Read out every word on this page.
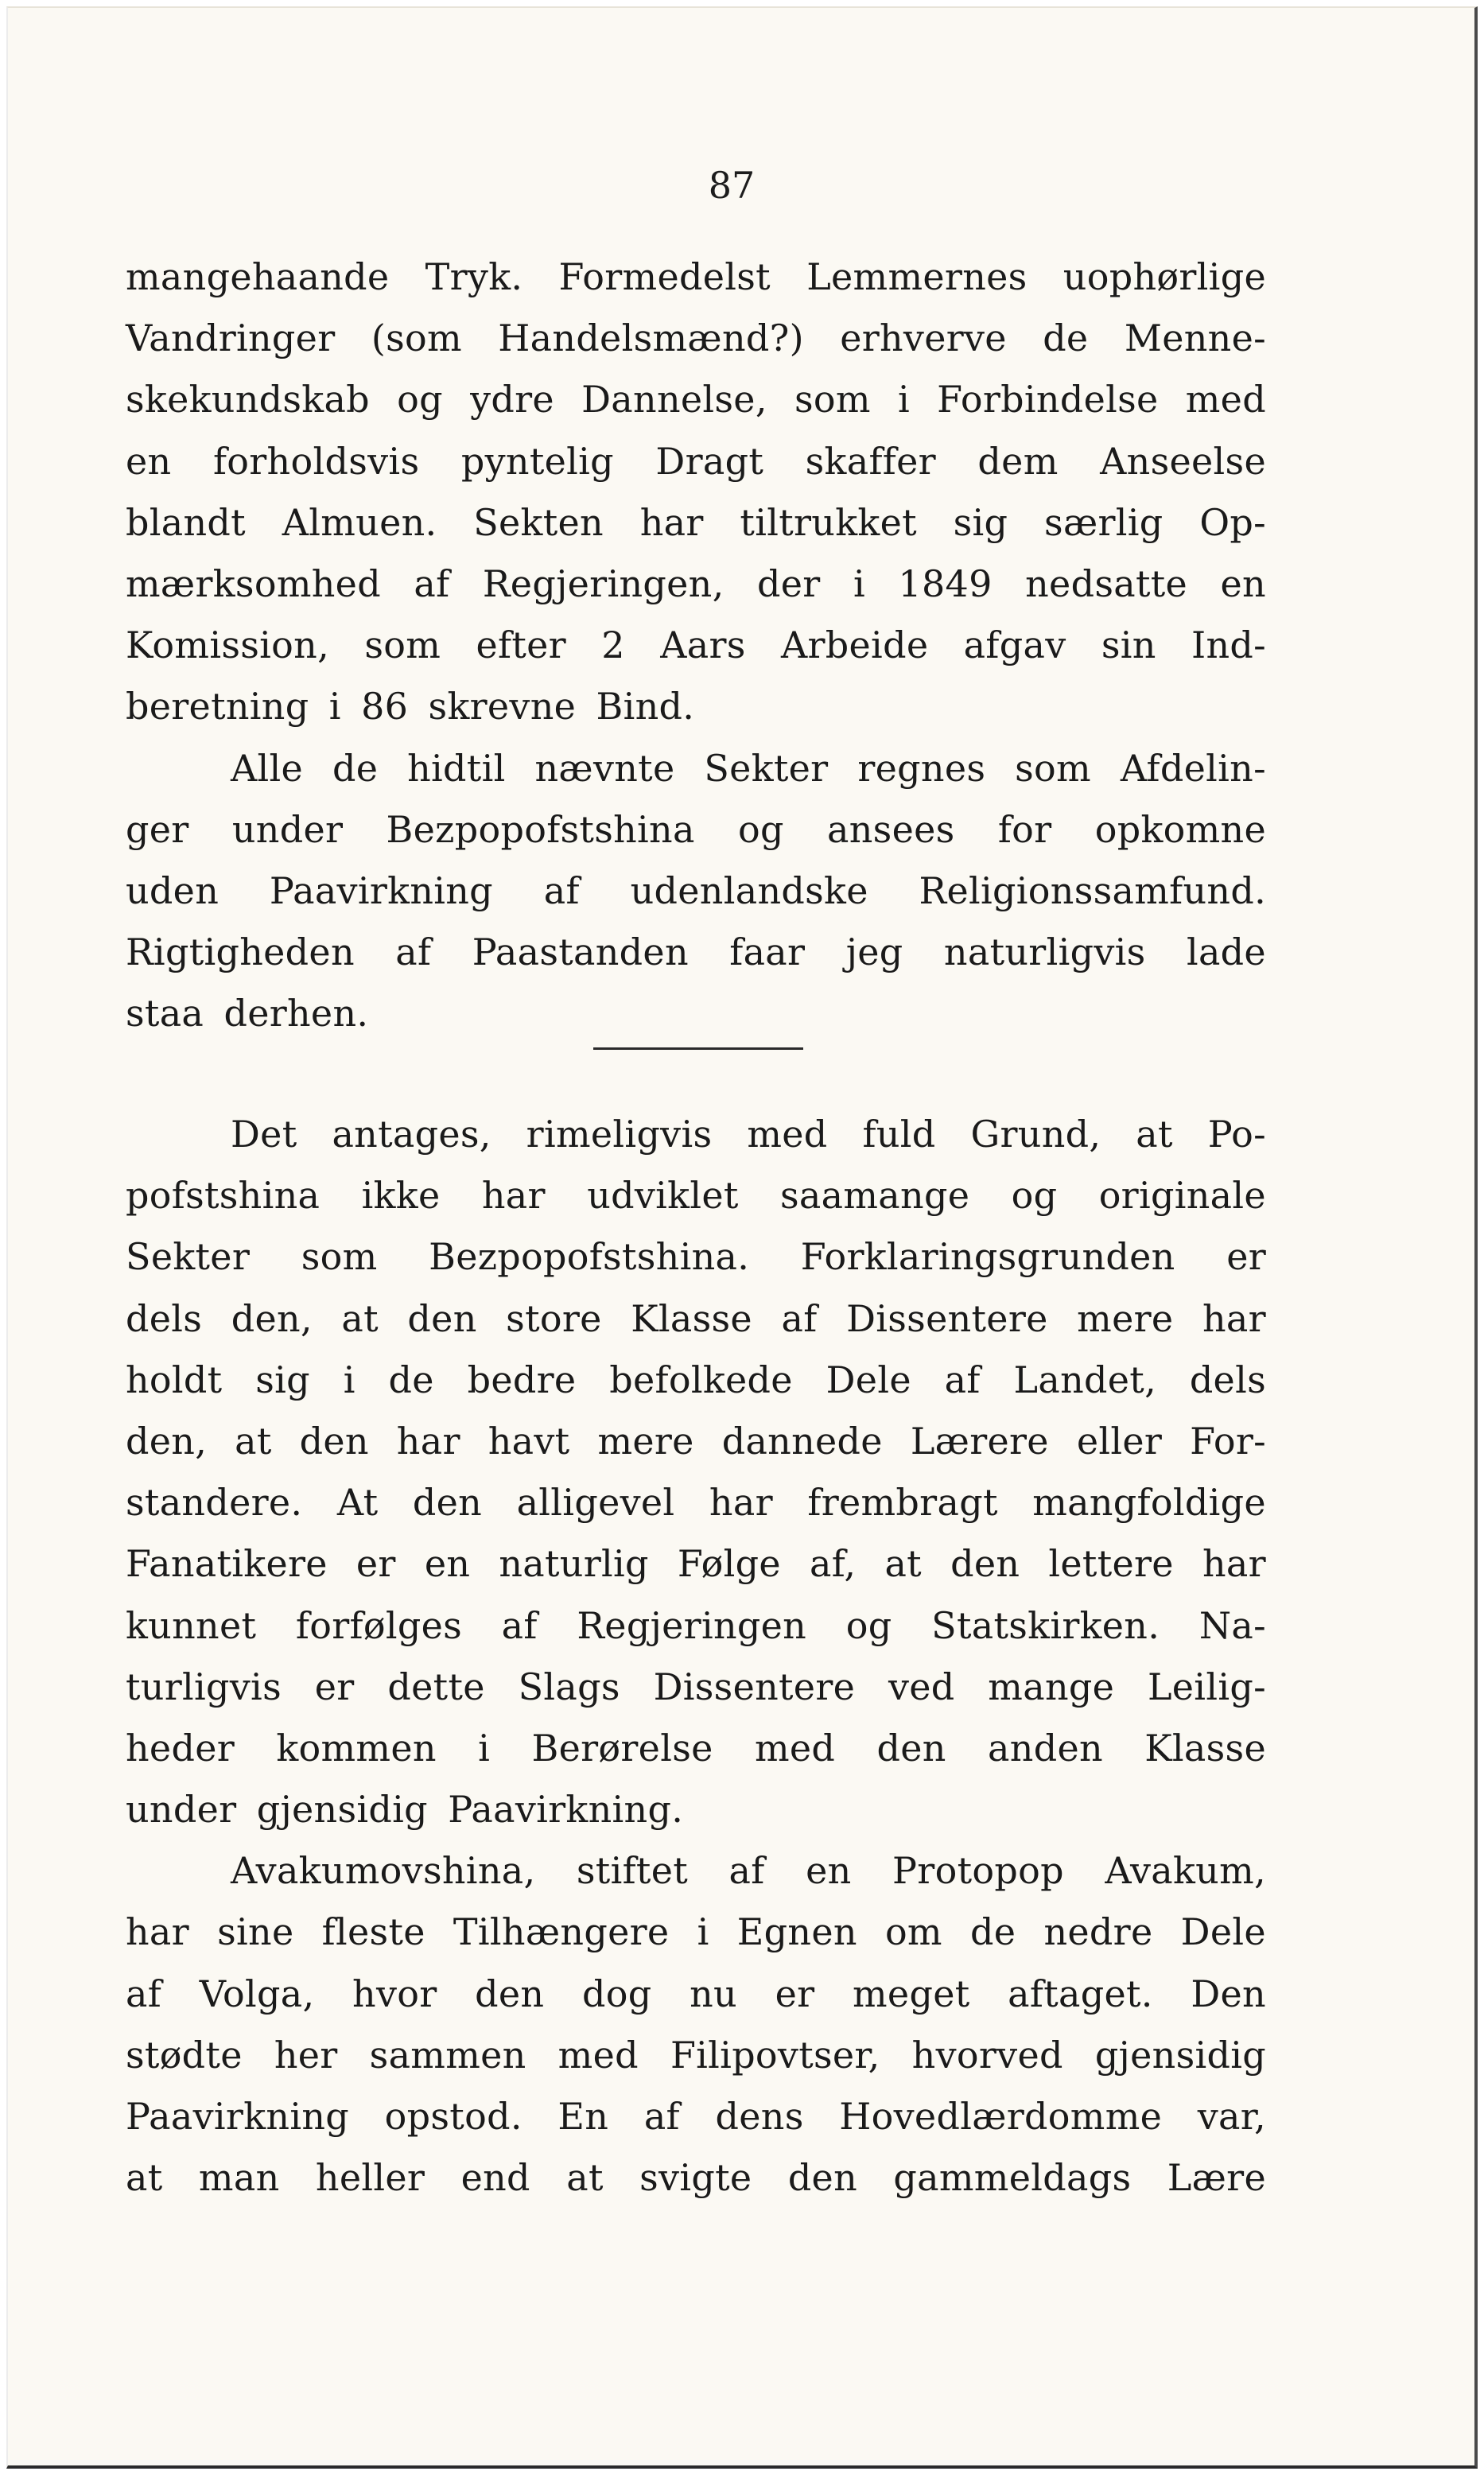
87
mangehaande Tryk. Formedelst Lemmernes uophørlige
Vandringer (som Handelsmænd?) erhverve de Menne-
skekundskab og ydre Dannelse, som i Forbindelse med
en forholdsvis pyntelig Dragt skaffer dem Anseelse
blandt Almuen. Sekten har tiltrukket sig særlig Op-
mærksomhed af Regjeringen, der i 1849 nedsatte en
Komission, som efter 2 Aars Arbeide afgav sin Ind-
beretning i 86 skrevne Bind.
Alle de hidtil nævnte Sekter regnes som Afdelin-
ger under Bezpopofstshina og ansees for opkomne
uden Paavirkning af udenlandske Religionssamfund.
Rigtigheden af Paastanden faar jeg naturligvis lade
staa derhen.
Det antages, rimeligvis med fuld Grund, at Po-
pofstshina ikke har udviklet saamange og originale
Sekter som Bezpopofstshina. Forklaringsgrunden er
dels den, at den store Klasse af Dissentere mere har
holdt sig i de bedre befolkede Dele af Landet, dels
den, at den har havt mere dannede Lærere eller For-
standere. At den alligevel har frembragt mangfoldige
Fanatikere er en naturlig Følge af, at den lettere har
kunnet forfølges af Regjeringen og Statskirken. Na-
turligvis er dette Slags Dissentere ved mange Leilig-
heder kommen i Berørelse med den anden Klasse
under gjensidig Paavirkning.
Avakumovshina, stiftet af en Protopop Avakum,
har sine fleste Tilhængere i Egnen om de nedre Dele
af Volga, hvor den dog nu er meget aftaget. Den
stødte her sammen med Filipovtser, hvorved gjensidig
Paavirkning opstod. En af dens Hovedlærdomme var,
at man heller end at svigte den gammeldags Lære
